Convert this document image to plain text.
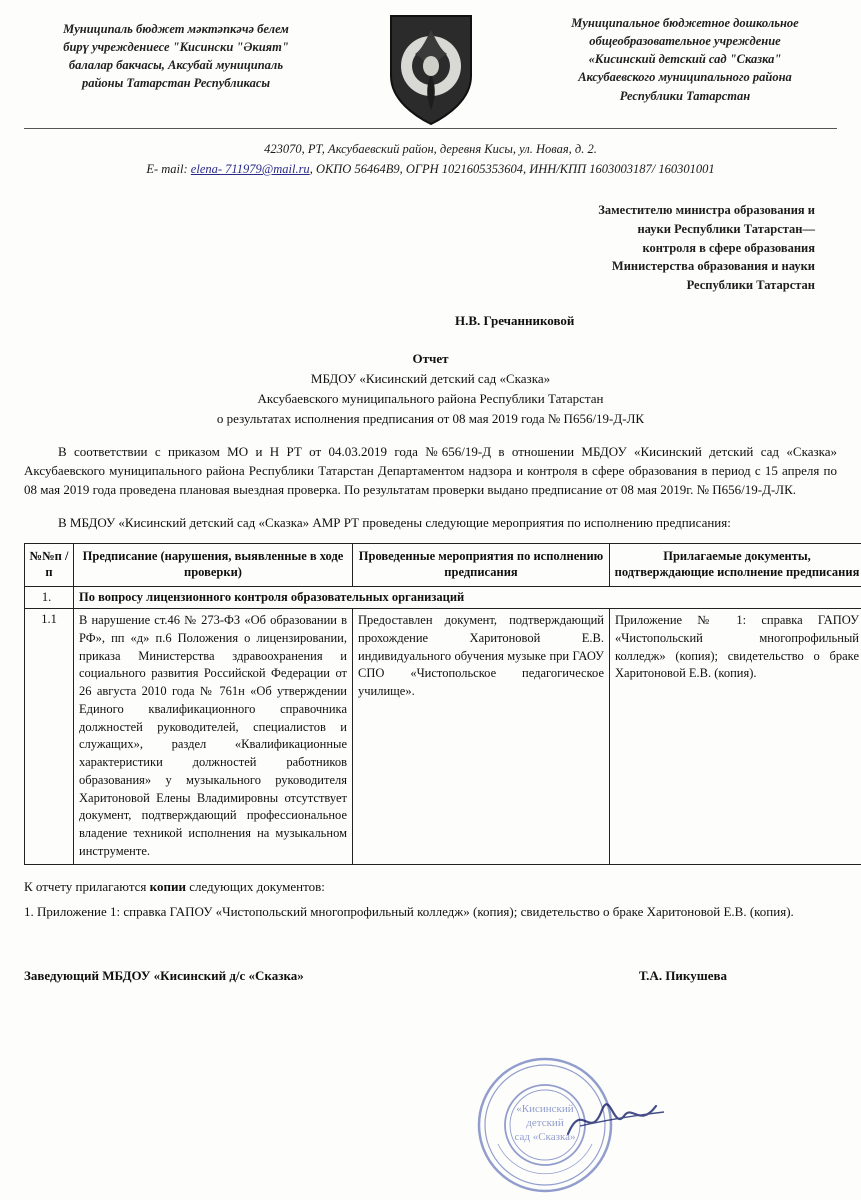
Муниципаль бюджет мәктәпкәчә белем
бирү учреждениесе "Кисински "Әкият"
балалар бакчасы, Аксубай муниципаль
районы Татарстан Республикасы
Муниципальное бюджетное дошкольное
общеобразовательное учреждение
«Кисинский детский сад "Сказка"
Аксубаевского муниципального района
Республики Татарстан
423070, РТ, Аксубаевский район, деревня Кисы, ул. Новая, д. 2.
E- mail: elena- 711979@mail.ru, ОКПО 56464В9, ОГРН 1021605353604, ИНН/КПП 1603003187/ 160301001
Заместителю министра образования и
науки Республики Татарстан—
контроля в сфере образования
Министерства образования и науки
Республики Татарстан
Н.В. Гречанниковой
Отчет
МБДОУ «Кисинский детский сад «Сказка»
Аксубаевского муниципального района Республики Татарстан
о результатах исполнения предписания от 08 мая 2019 года № П656/19-Д-ЛК
В соответствии с приказом МО и Н РТ от 04.03.2019 года №656/19-Д в отношении МБДОУ «Кисинский детский сад «Сказка» Аксубаевского муниципального района Республики Татарстан Департаментом надзора и контроля в сфере образования в период с 15 апреля по 08 мая 2019 года проведена плановая выездная проверка. По результатам проверки выдано предписание от 08 мая 2019г. № П656/19-Д-ЛК.
В МБДОУ «Кисинский детский сад «Сказка» АМР РТ проведены следующие мероприятия по исполнению предписания:
№№п /п	Предписание (нарушения, выявленные в ходе проверки)	Проведенные мероприятия по исполнению предписания	Прилагаемые документы, подтверждающие исполнение предписания
1.	По вопросу лицензионного контроля образовательных организаций		
1.1	В нарушение ст.46 № 273-ФЗ «Об образовании в РФ», пп «д» п.6 Положения о лицензировании, приказа Министерства здравоохранения и социального развития Российской Федерации от 26 августа 2010 года № 761н «Об утверждении Единого квалификационного справочника должностей руководителей, специалистов и служащих», раздел «Квалификационные характеристики должностей работников образования» у музыкального руководителя Харитоновой Елены Владимировны отсутствует документ, подтверждающий профессиональное владение техникой исполнения на музыкальном инструменте.	Предоставлен документ, подтверждающий прохождение Харитоновой Е.В. индивидуального обучения музыке при ГАОУ СПО «Чистопольское педагогическое училище».	Приложение № 1: справка ГАПОУ «Чистопольский многопрофильный колледж» (копия); свидетельство о браке Харитоновой Е.В. (копия).
К отчету прилагаются копии следующих документов:
1. Приложение 1: справка ГАПОУ «Чистопольский многопрофильный колледж» (копия); свидетельство о браке Харитоновой Е.В. (копия).
Заведующий МБДОУ «Кисинский д/с «Сказка»	Т.А. Пикушева
«Кисинский
детский
сад «Сказка»
